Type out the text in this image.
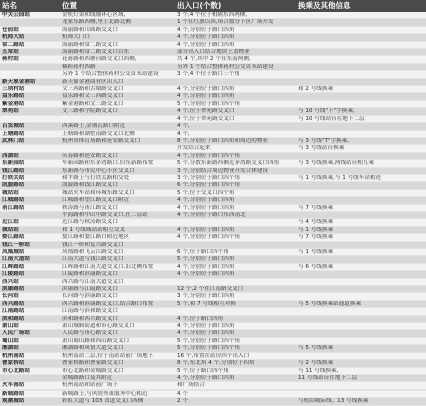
站名	位置	出入口(个数)	换乘及其他信息
中关公园站	金机灯果和线辅环心区域,	3 个,4 个位于相隔东西两侧,	
	龙家东路西侧,里士北路北侧	1 个在红旗以西,场合数分下区广场开发	
仓前站	海丽路和川圆路交叉口	4 个,分别位于路口四角	
杭师大站	杭师大门口	4 个,分别位于路口四角	
常二路站	海丽路和常二路交叉口	4 个,分别位于路口四角	
五常站	海丽路和常二路交叉口以东	部分出入口结合地块上盖物业	
蒋村站	花蒋路和西塘河路交叉口西侧,	共 4 个,其中 2 个在东南两侧,	
	横跨蒋村西路	另外 1 个结合整体蒋村公交首末站建设	
	另外 1 个结合整体蒋村公交首末站建设	3 个,4 个位于路口三个角	
新天象金港站	新天象金港商业区出入口		
三坝村站	文三西路和古墩路交叉口	4 个,分别位于路口四角	和 2 号线换乘
益乐路站	益乐路和文三西路交叉口	4 个,分别位于路口四角	
紫金港站	紫金港路和文三路交叉口	5 个,分别位于路口四个角	
翠苑站	文三路和学院路交叉口	4 个,位于翠苑路交叉口	与 10 号线"下"字换乘,
		4 个,位于翠苑路交叉口	与 10 号线站台在地下二层
百货城站	西溪路上,金钢瓦路口附近	4 个,	
上塘路站	上塘路和湖墅南路交叉口北侧	4 个,	
武林门站	杭州市体育场路和延安路交叉口	8 个,分别位于路口四角和周边的物业	与 3 号线"T"字换乘,
		开发结合起来	与 3 号线站台换乘
西湖站	庆春路和延安路交叉口	4 个,分别位于路口四个角	
东新园站	车新园路和东茅湾路口,旧东新路布置	5 个,分散东新路西侧近茅湾路交叉口四角	与 3 号线换乘,两线站台相互乘
钱江路站	东新路与市民中心小区交叉口	3 个,分别结合周边物业开发合体建设	
打铁关站	和平路上与打铁关路相交处	3 个,分别位于路口四个角	与 1 号线换乘,与 1 号线车站相连
凯旋路站	凯旋路和钱江路交叉口	6 个,分别位于路口四个角	
城站站	城站火车站和环城东路交叉口	5 个,位于交叉口四个角	
江城路站	江城路和望江路交叉口附近	4 个,分别位于路口四角	
甬江路站	秋涛路与甬江路交叉口	4 个,分别位于路口四角	与 7 号线换乘
	平海路和中山中路交叉口,在二层站	4 个,分别位于路口东西南北	
近江站	近江路与秋涛路交叉口		与 4 号线换乘
城站站	和 1 号线城站站相互交叉	4 个,分别位于路口四角	与 1 号线换乘
婺江路站	婺江路和婺江路口附近地区	4 个,分别位于路口四个角	与 7 号线换乘
钱江一桥站	钱江一桥和复兴路交叉口		
凤凰城站	凤凰路和飞云江路交叉口	6 个,位于路口四个角	与 1 号线换乘
江南大道站	江南大道与钱江路交叉口	5 个,分别位于路口四角	
江晖路站	江晖路和江南大道交叉口,旧北侧布置	4 个,分别位于路口四角	与 6 号线换乘
江陵路站	江陵路和滨康路交叉口	4 个,分别位于路口四角	
西兴站	西兴路与江南大道交叉口		
滨康路站	滨康路与江陵路交叉口	12 个,2 个在江南路交叉口	
长河站	长河路与滨康路交叉口	3 个,分别位于路口四角	
西兴路站	西兴路和滨康路交叉口,结合路口布置	5 个,和 7 号线相互对换	与 5 号线换乘站通道换乘
江南路站	江南路与滨和路交叉口		
滨和路站	滨和路和西兴路交叉口	4 个,位于路口四角	
萧山站	萧山城厢街道和市心路交叉口	4 个,分别位于路口四角	
人民广场站	人民路与市心路交叉口	4 个,分别位于路口四角	
蜀山站	萧山蜀山路和西山路交叉口	5 个,分别位于路口四个角	
湘湖站	湘湖路和风情大道交叉口	5 个,分别位于路口四个角	与 5 号线换乘
杭州南站	杭州南站二层,位于南站站前广场地下	16 个,布置在站房四个出入口	
曹家桥站	曹家桥路和曹家路交叉口	8 个,东北角 4 个,分别位于四角	与 2 号线换乘
市心北路站	市心北路和金城路交叉口	5 个,位于路口四个角	与 11 号线换乘,
	金城路路口及其附近	4 个,分别位于路口四角	11 号线站台在地下二层
火车南站	杭州南站和站前广场下	和广场结合	

新城路站	新城路上,与风情秀萧服务中心相近	4 个	
观潮城站	彩虹大道与 103 省道交叉口西侧	2 个	与杭绍城际线、13 号线换乘
